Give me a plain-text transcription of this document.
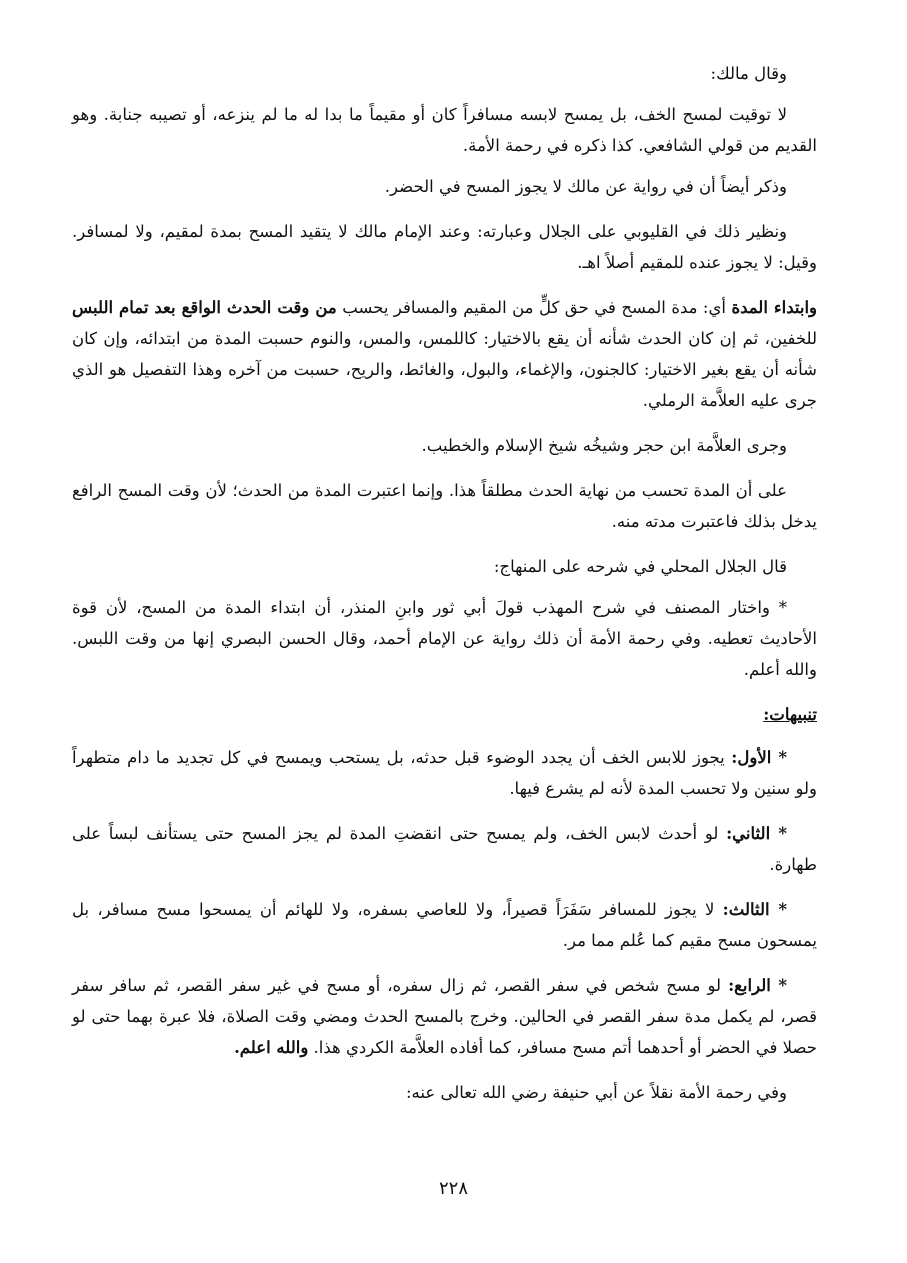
وقال مالك:

لا توقيت لمسح الخف، بل يمسح لابسه مسافراً كان أو مقيماً ما بدا له ما لم ينزعه، أو تصيبه جنابة. وهو القديم من قولي الشافعي. كذا ذكره في رحمة الأمة.

وذكر أيضاً أن في رواية عن مالك لا يجوز المسح في الحضر.

ونظير ذلك في القليوبي على الجلال وعبارته: وعند الإمام مالك لا يتقيد المسح بمدة لمقيم، ولا لمسافر. وقيل: لا يجوز عنده للمقيم أصلاً اهـ.

وابتداء المدة أي: مدة المسح في حق كلٍّ من المقيم والمسافر يحسب من وقت الحدث الواقع بعد تمام اللبس للخفين، ثم إن كان الحدث شأنه أن يقع بالاختيار: كاللمس، والمس، والنوم حسبت المدة من ابتدائه، وإن كان شأنه أن يقع بغير الاختيار: كالجنون، والإغماء، والبول، والغائط، والريح، حسبت من آخره وهذا التفصيل هو الذي جرى عليه العلاَّمة الرملي.

وجرى العلاَّمة ابن حجر وشيخُه شيخ الإسلام والخطيب.

على أن المدة تحسب من نهاية الحدث مطلقاً هذا. وإنما اعتبرت المدة من الحدث؛ لأن وقت المسح الرافع يدخل بذلك فاعتبرت مدته منه.

قال الجلال المحلي في شرحه على المنهاج:

* واختار المصنف في شرح المهذب قولَ أبي ثور وابنِ المنذر، أن ابتداء المدة من المسح، لأن قوة الأحاديث تعطيه. وفي رحمة الأمة أن ذلك رواية عن الإمام أحمد، وقال الحسن البصري إنها من وقت اللبس. والله أعلم.

تنبيهات:

* الأول: يجوز للابس الخف أن يجدد الوضوء قبل حدثه، بل يستحب ويمسح في كل تجديد ما دام متطهراً ولو سنين ولا تحسب المدة لأنه لم يشرع فيها.

* الثاني: لو أحدث لابس الخف، ولم يمسح حتى انقضتِ المدة لم يجز المسح حتى يستأنف لبساً على طهارة.

* الثالث: لا يجوز للمسافر سَفَرَاً قصيراً، ولا للعاصي بسفره، ولا للهائم أن يمسحوا مسح مسافر، بل يمسحون مسح مقيم كما عُلم مما مر.

* الرابع: لو مسح شخص في سفر القصر، ثم زال سفره، أو مسح في غير سفر القصر، ثم سافر سفر قصر، لم يكمل مدة سفر القصر في الحالين. وخرج بالمسح الحدث ومضي وقت الصلاة، فلا عبرة بهما حتى لو حصلا في الحضر أو أحدهما أتم مسح مسافر، كما أفاده العلاَّمة الكردي هذا. والله اعلم.

وفي رحمة الأمة نقلاً عن أبي حنيفة رضي الله تعالى عنه:

٢٢٨
